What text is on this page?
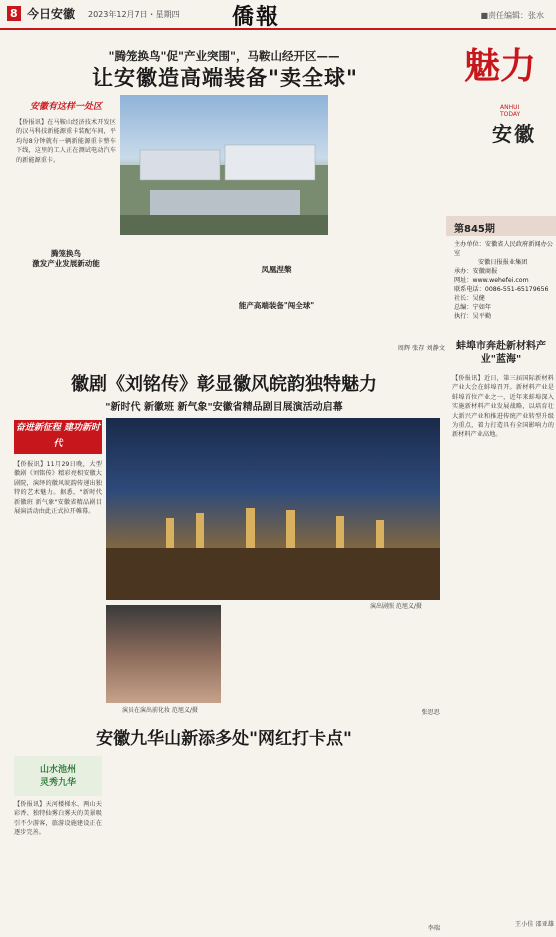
8 今日安徽 2023年12月7日・星期四 僑報	■责任编辑：张水
"腾笼换鸟"促"产业突围"，马鞍山经开区——
让安徽造高端装备"卖全球"
安徽有这样一处区
【侨报讯】在马鞍山经济技术开发区的汉马科技新能源重卡装配车间，平均每8分钟就有一辆新能源重卡整车下线，这里的工人正在测试电动汽车的新能源重卡。
腾笼换鸟
激发产业发展新动能
凤凰涅槃
能产高端装备"闯全球"
周辉 张存 刘静文
魅力
ANHUI TODAY
安徽
第845期
主办单位：安徽省人民政府新闻办公室
安徽日报报业集团
承办：安徽商报
网址：www.wehefei.com
联系电话：0086-551-65179656
社长：吴健
总编：宁如年
执行：吴平勤
蚌埠市奔赴新材料产业"蓝海"
【侨报讯】近日，第三届国际新材料产业大会在蚌埠召开。新材料产业是蚌埠首位产业之一，近年来蚌埠深入实施新材料产业发展战略，以培育壮大新兴产业和推进传统产业转型升级为重点，着力打造具有全国影响力的新材料产业高地。
王小佳 邵亚雄
徽剧《刘铭传》彰显徽风皖韵独特魅力
"新时代 新徽班 新气象"安徽省精品剧目展演活动启幕
奋进新征程 建功新时代
【侨报讯】11月29日晚，大型徽剧《刘铭传》精彩亮相安徽大剧院，演绎的徽风皖韵传递出独特的艺术魅力。据悉，"新时代 新徽班 新气象"安徽省精品剧目展演活动由此正式拉开帷幕。
演出剧照 范旭义/摄
演员在演出前化妆 范旭义/摄	张思思
安徽九华山新添多处"网红打卡点"
山水池州
灵秀九华
【侨报讯】天河楼梯水、两山天彩香、独特仙雾白雾天的美景吸引不少游客，旅游设施建设正在逐步完善。
李瑞
